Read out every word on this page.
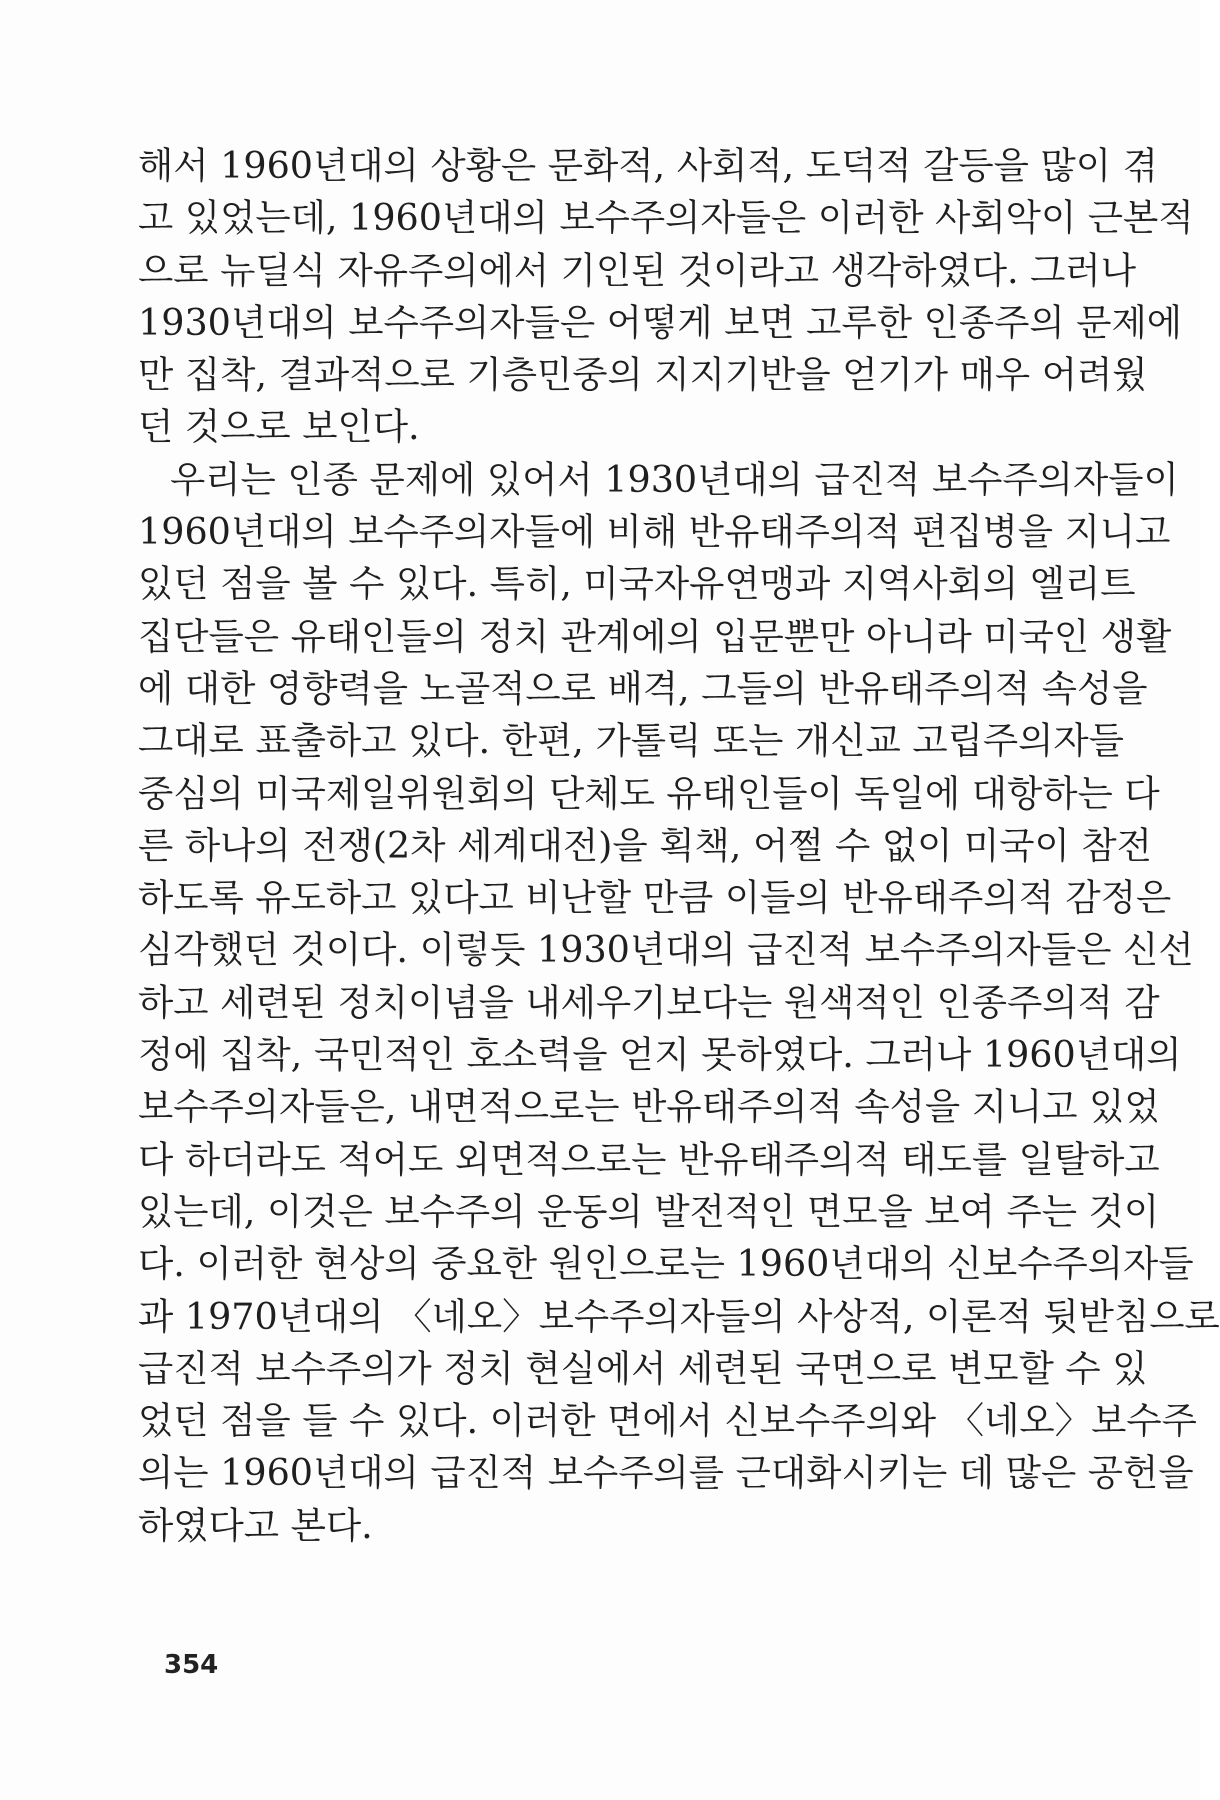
해서 1960년대의 상황은 문화적, 사회적, 도덕적 갈등을 많이 겪
고 있었는데, 1960년대의 보수주의자들은 이러한 사회악이 근본적
으로 뉴딜식 자유주의에서 기인된 것이라고 생각하였다. 그러나
1930년대의 보수주의자들은 어떻게 보면 고루한 인종주의 문제에
만 집착, 결과적으로 기층민중의 지지기반을 얻기가 매우 어려웠
던 것으로 보인다.
우리는 인종 문제에 있어서 1930년대의 급진적 보수주의자들이
1960년대의 보수주의자들에 비해 반유태주의적 편집병을 지니고
있던 점을 볼 수 있다. 특히, 미국자유연맹과 지역사회의 엘리트
집단들은 유태인들의 정치 관계에의 입문뿐만 아니라 미국인 생활
에 대한 영향력을 노골적으로 배격, 그들의 반유태주의적 속성을
그대로 표출하고 있다. 한편, 가톨릭 또는 개신교 고립주의자들
중심의 미국제일위원회의 단체도 유태인들이 독일에 대항하는 다
른 하나의 전쟁(2차 세계대전)을 획책, 어쩔 수 없이 미국이 참전
하도록 유도하고 있다고 비난할 만큼 이들의 반유태주의적 감정은
심각했던 것이다. 이렇듯 1930년대의 급진적 보수주의자들은 신선
하고 세련된 정치이념을 내세우기보다는 원색적인 인종주의적 감
정에 집착, 국민적인 호소력을 얻지 못하였다. 그러나 1960년대의
보수주의자들은, 내면적으로는 반유태주의적 속성을 지니고 있었
다 하더라도 적어도 외면적으로는 반유태주의적 태도를 일탈하고
있는데, 이것은 보수주의 운동의 발전적인 면모을 보여 주는 것이
다. 이러한 현상의 중요한 원인으로는 1960년대의 신보수주의자들
과 1970년대의 〈네오〉보수주의자들의 사상적, 이론적 뒷받침으로
급진적 보수주의가 정치 현실에서 세련된 국면으로 변모할 수 있
었던 점을 들 수 있다. 이러한 면에서 신보수주의와 〈네오〉보수주
의는 1960년대의 급진적 보수주의를 근대화시키는 데 많은 공헌을
하였다고 본다.
354
